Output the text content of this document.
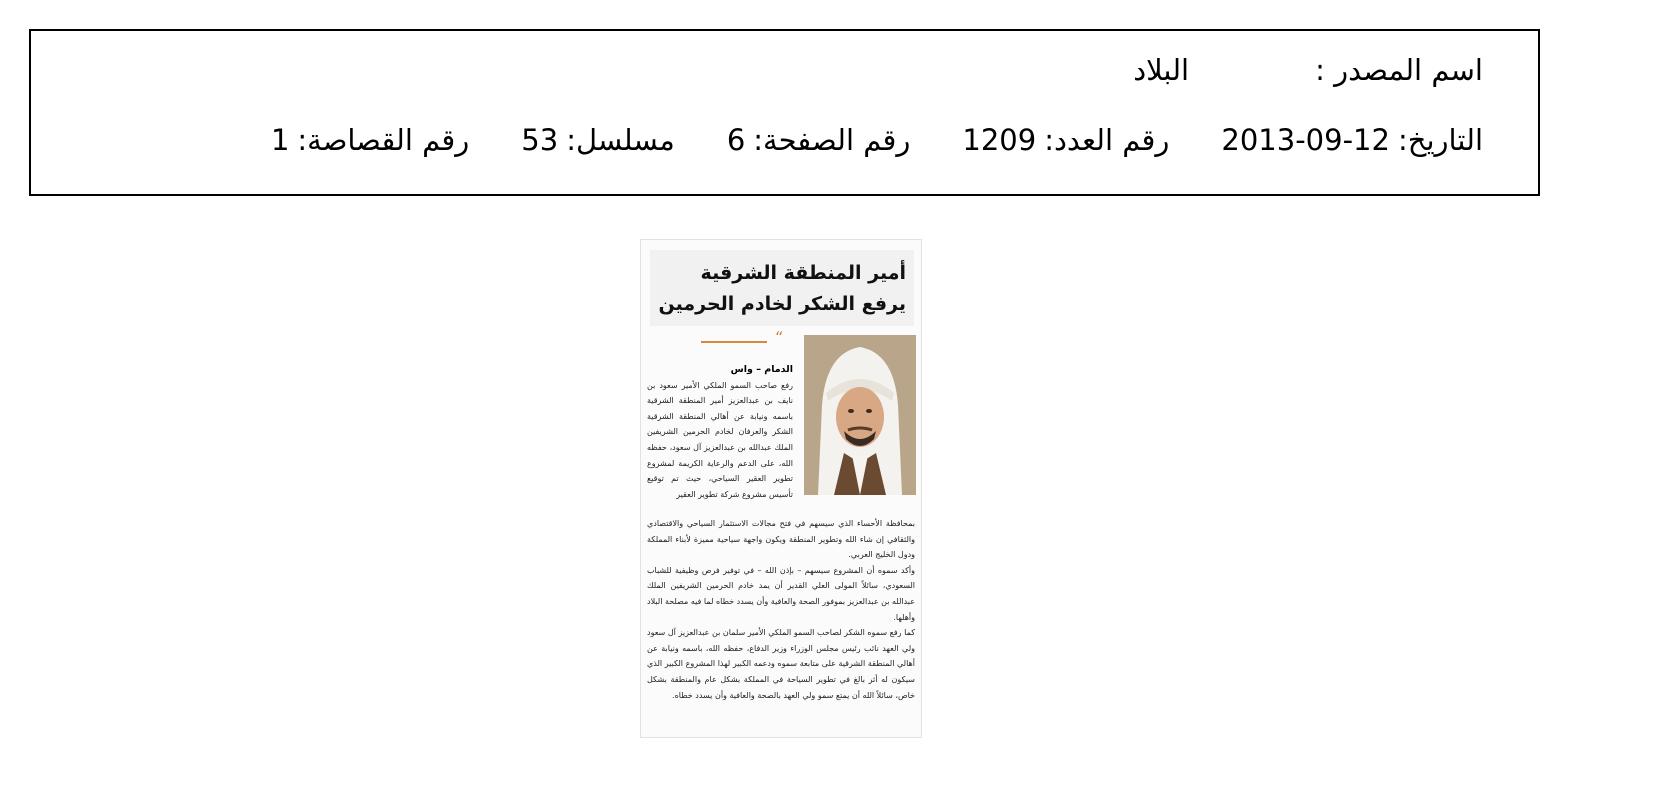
اسم المصدر :
البلاد
التاريخ:
2013-09-12
رقم العدد:
1209
رقم الصفحة:
6
مسلسل:
53
رقم القصاصة:
1
أمير المنطقة الشرقية يرفع الشكر لخادم الحرمين
“

الدمام – واس

رفع صاحب السمو الملكي الأمير سعود بن نايف بن عبدالعزيز أمير المنطقة الشرقية باسمه ونيابة عن أهالي المنطقة الشرقية الشكر والعرفان لخادم الحرمين الشريفين الملك عبدالله بن عبدالعزيز آل سعود، حفظه الله، على الدعم والرعاية الكريمة لمشروع تطوير العقير السياحي، حيث تم توقيع تأسيس مشروع شركة تطوير العقير

بمحافظة الأحساء الذي سيسهم في فتح مجالات الاستثمار السياحي والاقتصادي والثقافي إن شاء الله وتطوير المنطقة ويكون واجهة سياحية مميزة لأبناء المملكة ودول الخليج العربي.

وأكد سموه أن المشروع سيسهم – بإذن الله – في توفير فرص وظيفية للشباب السعودي، سائلاً المولى العلي القدير أن يمد خادم الحرمين الشريفين الملك عبدالله بن عبدالعزيز بموفور الصحة والعافية وأن يسدد خطاه لما فيه مصلحة البلاد وأهلها.

كما رفع سموه الشكر لصاحب السمو الملكي الأمير سلمان بن عبدالعزيز آل سعود ولي العهد نائب رئيس مجلس الوزراء وزير الدفاع، حفظه الله، باسمه ونيابة عن أهالي المنطقة الشرقية على متابعة سموه ودعمه الكبير لهذا المشروع الكبير الذي سيكون له أثر بالغ في تطوير السياحة في المملكة بشكل عام والمنطقة بشكل خاص، سائلاً الله أن يمتع سمو ولي العهد بالصحة والعافية وأن يسدد خطاه.
